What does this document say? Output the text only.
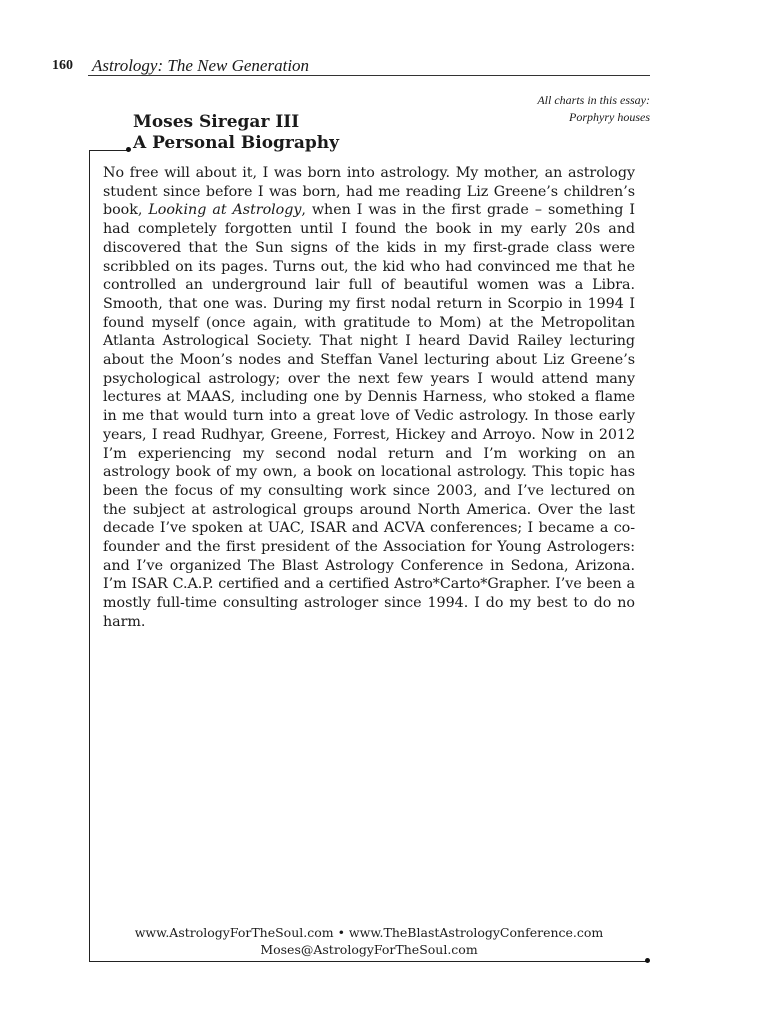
160 Astrology: The New Generation
All charts in this essay:
Porphyry houses
Moses Siregar III
A Personal Biography
No free will about it, I was born into astrology. My mother, an astrology student since before I was born, had me reading Liz Greene’s children’s book, Looking at Astrology, when I was in the first grade – something I had completely forgotten until I found the book in my early 20s and discovered that the Sun signs of the kids in my first-grade class were scribbled on its pages. Turns out, the kid who had convinced me that he controlled an underground lair full of beautiful women was a Libra. Smooth, that one was. During my first nodal return in Scorpio in 1994 I found myself (once again, with gratitude to Mom) at the Metropolitan Atlanta Astrological Society. That night I heard David Railey lecturing about the Moon’s nodes and Steffan Vanel lecturing about Liz Greene’s psychological astrology; over the next few years I would attend many lectures at MAAS, including one by Dennis Harness, who stoked a flame in me that would turn into a great love of Vedic astrology. In those early years, I read Rudhyar, Greene, Forrest, Hickey and Arroyo. Now in 2012 I’m experiencing my second nodal return and I’m working on an astrology book of my own, a book on locational astrology. This topic has been the focus of my consulting work since 2003, and I’ve lectured on the subject at astrological groups around North America. Over the last decade I’ve spoken at UAC, ISAR and ACVA conferences; I became a co-founder and the first president of the Association for Young Astrologers: and I’ve organized The Blast Astrology Conference in Sedona, Arizona. I’m ISAR C.A.P. certified and a certified Astro*Carto*Grapher. I’ve been a mostly full-time consulting astrologer since 1994. I do my best to do no harm.
www.AstrologyForTheSoul.com • www.TheBlastAstrologyConference.com
Moses@AstrologyForTheSoul.com
